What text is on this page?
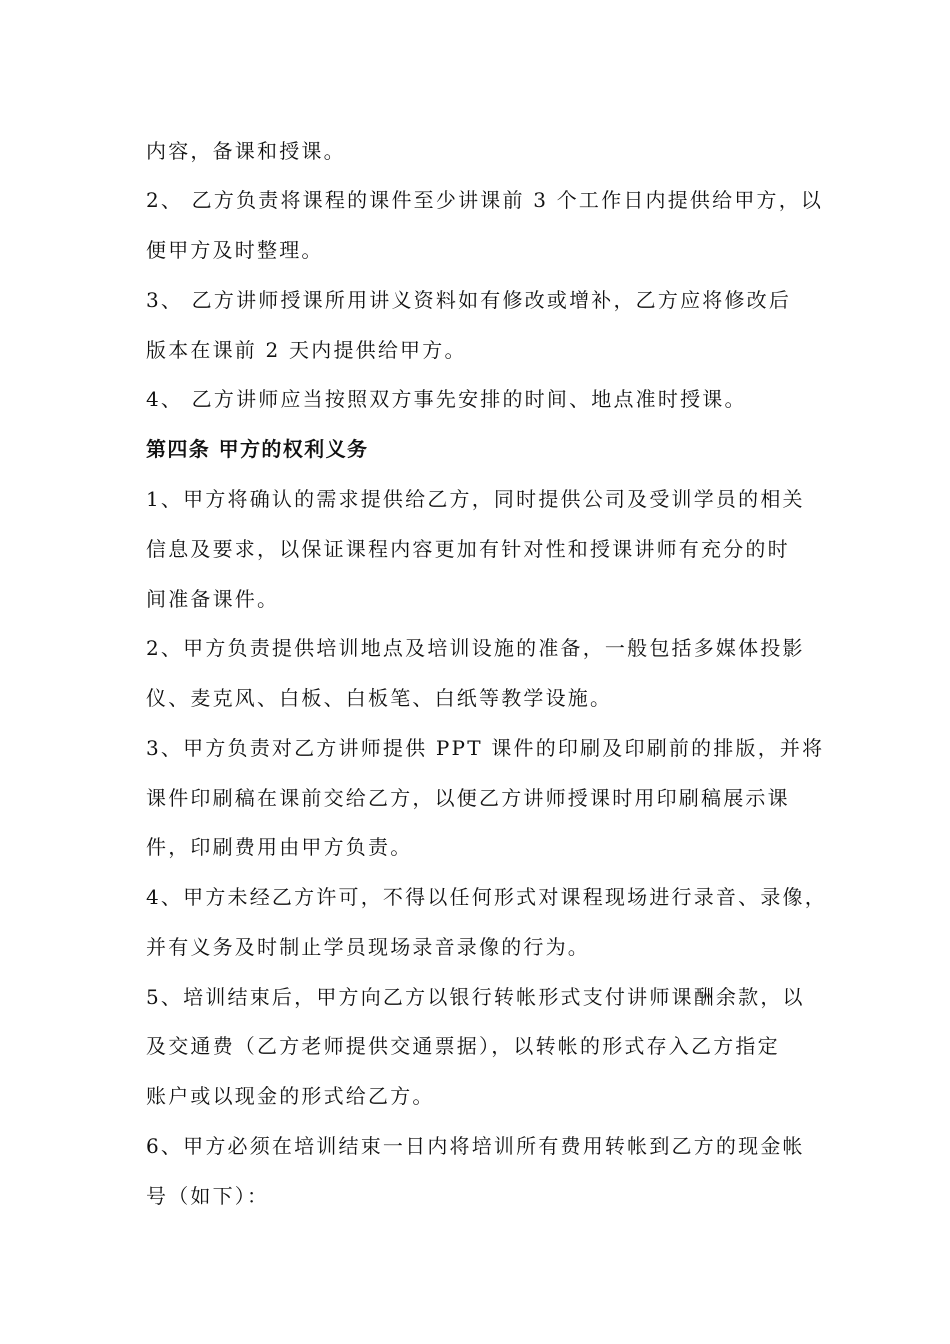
内容，备课和授课。
2、 乙方负责将课程的课件至少讲课前 3 个工作日内提供给甲方，以
便甲方及时整理。
3、 乙方讲师授课所用讲义资料如有修改或增补，乙方应将修改后
版本在课前 2 天内提供给甲方。
4、 乙方讲师应当按照双方事先安排的时间、地点准时授课。
第四条 甲方的权利义务
1、甲方将确认的需求提供给乙方，同时提供公司及受训学员的相关
信息及要求，以保证课程内容更加有针对性和授课讲师有充分的时
间准备课件。
2、甲方负责提供培训地点及培训设施的准备，一般包括多媒体投影
仪、麦克风、白板、白板笔、白纸等教学设施。
3、甲方负责对乙方讲师提供 PPT 课件的印刷及印刷前的排版，并将
课件印刷稿在课前交给乙方，以便乙方讲师授课时用印刷稿展示课
件，印刷费用由甲方负责。
4、甲方未经乙方许可，不得以任何形式对课程现场进行录音、录像，
并有义务及时制止学员现场录音录像的行为。
5、培训结束后，甲方向乙方以银行转帐形式支付讲师课酬余款，以
及交通费（乙方老师提供交通票据），以转帐的形式存入乙方指定
账户或以现金的形式给乙方。
6、甲方必须在培训结束一日内将培训所有费用转帐到乙方的现金帐
号（如下）：
